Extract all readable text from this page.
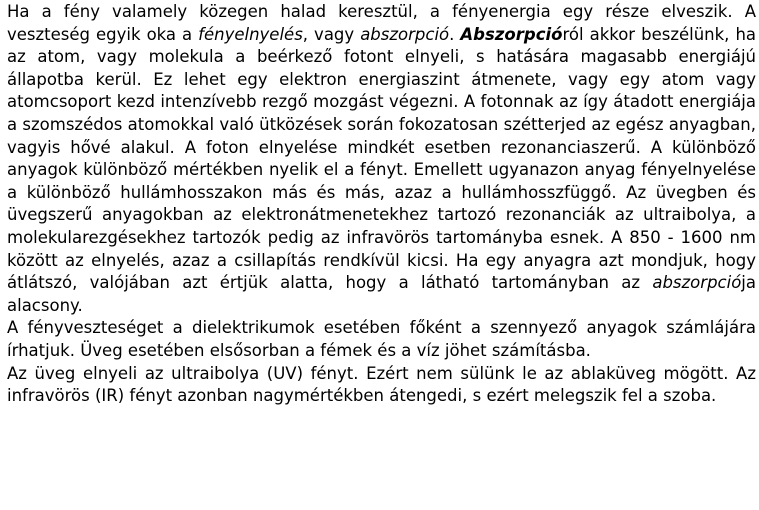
Ha a fény valamely közegen halad keresztül, a fényenergia egy része elveszik. A veszteség egyik oka a fényelnyelés, vagy abszorpció. Abszorpcióról akkor beszélünk, ha az atom, vagy molekula a beérkező fotont elnyeli, s hatására magasabb energiájú állapotba kerül. Ez lehet egy elektron energiaszint átmenete, vagy egy atom vagy atomcsoport kezd intenzívebb rezgő mozgást végezni. A fotonnak az így átadott energiája a szomszédos atomokkal való ütközések során fokozatosan szétterjed az egész anyagban, vagyis hővé alakul. A foton elnyelése mindkét esetben rezonanciaszerű. A különböző anyagok különböző mértékben nyelik el a fényt. Emellett ugyanazon anyag fényelnyelése a különböző hullámhosszakon más és más, azaz a hullámhosszfüggő. Az üvegben és üvegszerű anyagokban az elektronátmenetekhez tartozó rezonanciák az ultraibolya, a molekularezgésekhez tartozók pedig az infravörös tartományba esnek. A 850 - 1600 nm között az elnyelés, azaz a csillapítás rendkívül kicsi. Ha egy anyagra azt mondjuk, hogy átlátszó, valójában azt értjük alatta, hogy a látható tartományban az abszorpciója alacsony.

A fényveszteséget a dielektrikumok esetében főként a szennyező anyagok számlájára írhatjuk. Üveg esetében elsősorban a fémek és a víz jöhet számításba.

Az üveg elnyeli az ultraibolya (UV) fényt. Ezért nem sülünk le az ablaküveg mögött. Az infravörös (IR) fényt azonban nagymértékben átengedi, s ezért melegszik fel a szoba.
